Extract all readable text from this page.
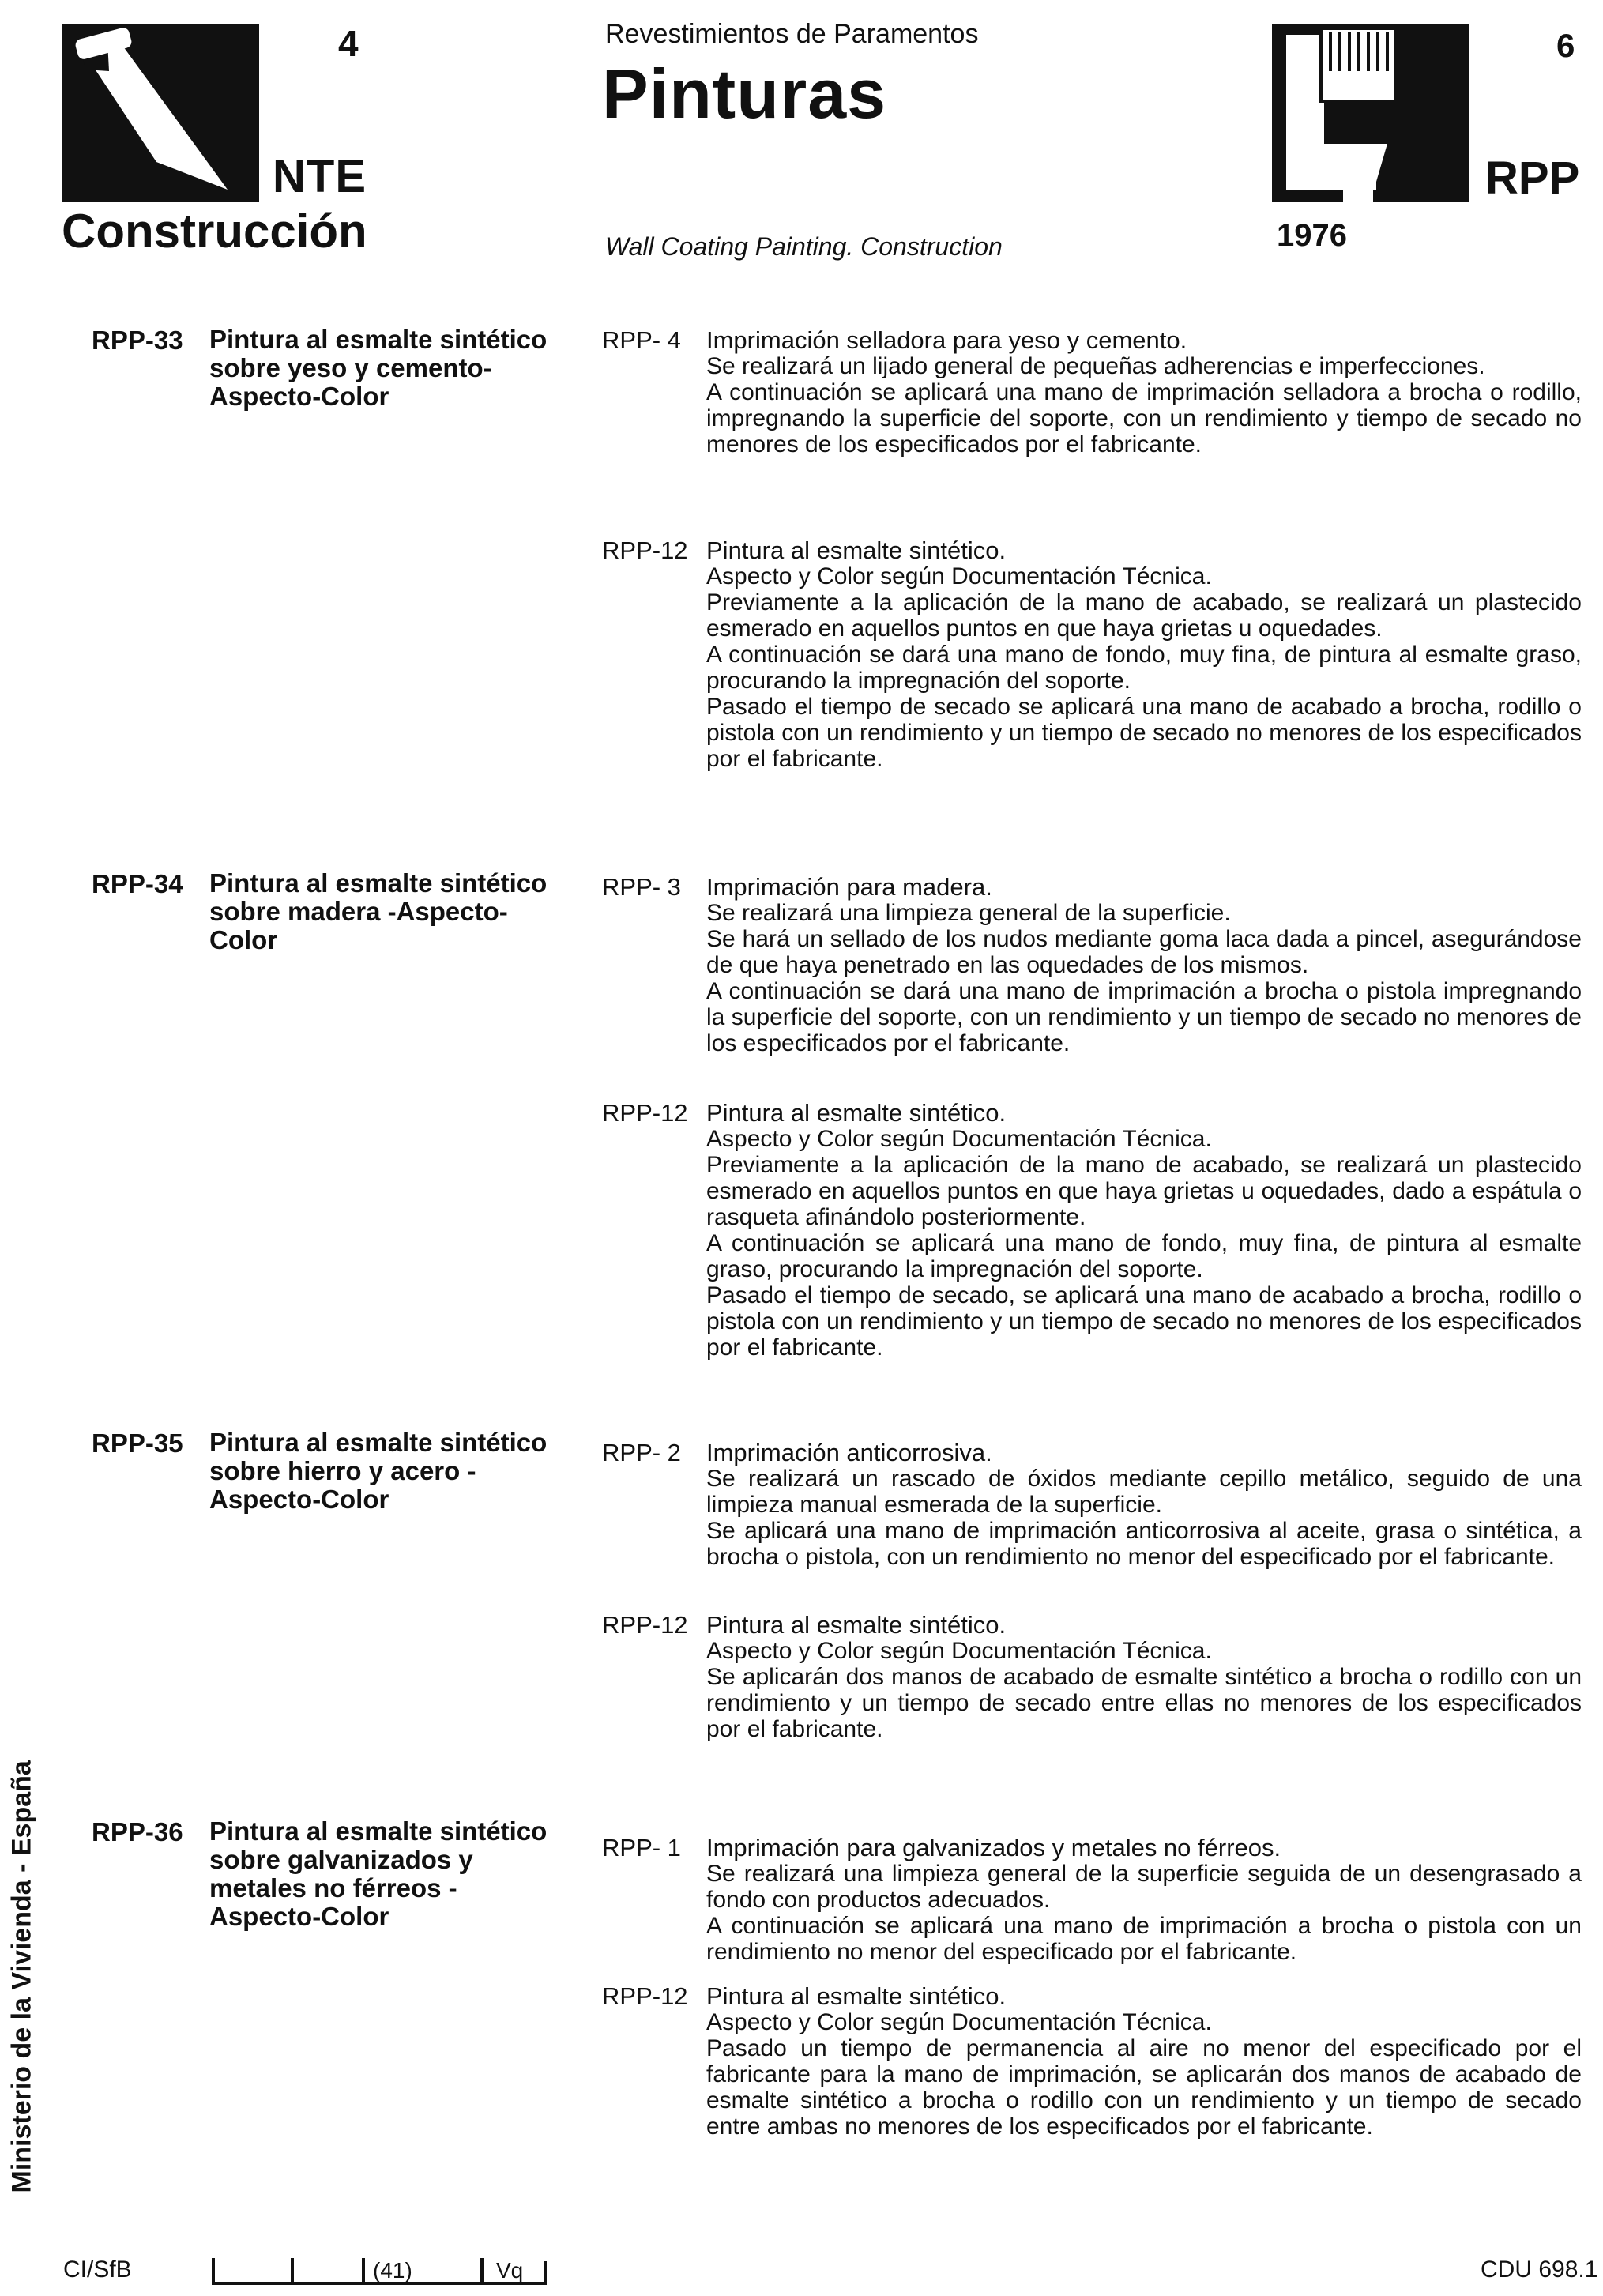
4
NTE
Construcción
Revestimientos de Paramentos
Pinturas
Wall Coating Painting. Construction
6
RPP
1976
RPP-33 Pintura al esmalte sintético sobre yeso y cemento-Aspecto-Color
RPP- 4 Imprimación selladora para yeso y cemento.

Se realizará un lijado general de pequeñas adherencias e imperfecciones.

A continuación se aplicará una mano de imprimación selladora a brocha o rodillo, impregnando la superficie del soporte, con un rendimiento y tiempo de secado no menores de los especificados por el fabricante.

RPP-12 Pintura al esmalte sintético.

Aspecto y Color según Documentación Técnica.

Previamente a la aplicación de la mano de acabado, se realizará un plastecido esmerado en aquellos puntos en que haya grietas u oquedades.

A continuación se dará una mano de fondo, muy fina, de pintura al esmalte graso, procurando la impregnación del soporte.

Pasado el tiempo de secado se aplicará una mano de acabado a brocha, rodillo o pistola con un rendimiento y un tiempo de secado no menores de los especificados por el fabricante.

RPP-34 Pintura al esmalte sintético sobre madera -Aspecto-Color
RPP- 3 Imprimación para madera.

Se realizará una limpieza general de la superficie.

Se hará un sellado de los nudos mediante goma laca dada a pincel, asegurándose de que haya penetrado en las oquedades de los mismos.

A continuación se dará una mano de imprimación a brocha o pistola impregnando la superficie del soporte, con un rendimiento y un tiempo de secado no menores de los especificados por el fabricante.

RPP-12 Pintura al esmalte sintético.

Aspecto y Color según Documentación Técnica.

Previamente a la aplicación de la mano de acabado, se realizará un plastecido esmerado en aquellos puntos en que haya grietas u oquedades, dado a espátula o rasqueta afinándolo posteriormente.

A continuación se aplicará una mano de fondo, muy fina, de pintura al esmalte graso, procurando la impregnación del soporte.

Pasado el tiempo de secado, se aplicará una mano de acabado a brocha, rodillo o pistola con un rendimiento y un tiempo de secado no menores de los especificados por el fabricante.

RPP-35 Pintura al esmalte sintético sobre hierro y acero -Aspecto-Color
RPP- 2 Imprimación anticorrosiva.

Se realizará un rascado de óxidos mediante cepillo metálico, seguido de una limpieza manual esmerada de la superficie.

Se aplicará una mano de imprimación anticorrosiva al aceite, grasa o sintética, a brocha o pistola, con un rendimiento no menor del especificado por el fabricante.

RPP-12 Pintura al esmalte sintético.

Aspecto y Color según Documentación Técnica.

Se aplicarán dos manos de acabado de esmalte sintético a brocha o rodillo con un rendimiento y un tiempo de secado entre ellas no menores de los especificados por el fabricante.

RPP-36 Pintura al esmalte sintético sobre galvanizados y metales no férreos -Aspecto-Color
RPP- 1 Imprimación para galvanizados y metales no férreos.

Se realizará una limpieza general de la superficie seguida de un desengrasado a fondo con productos adecuados.

A continuación se aplicará una mano de imprimación a brocha o pistola con un rendimiento no menor del especificado por el fabricante.

RPP-12 Pintura al esmalte sintético.

Aspecto y Color según Documentación Técnica.

Pasado un tiempo de permanencia al aire no menor del especificado por el fabricante para la mano de imprimación, se aplicarán dos manos de acabado de esmalte sintético a brocha o rodillo con un rendimiento y un tiempo de secado entre ambas no menores de los especificados por el fabricante.

Ministerio de la Vivienda - España
CI/SfB	(41)	Vq	CDU 698.1
